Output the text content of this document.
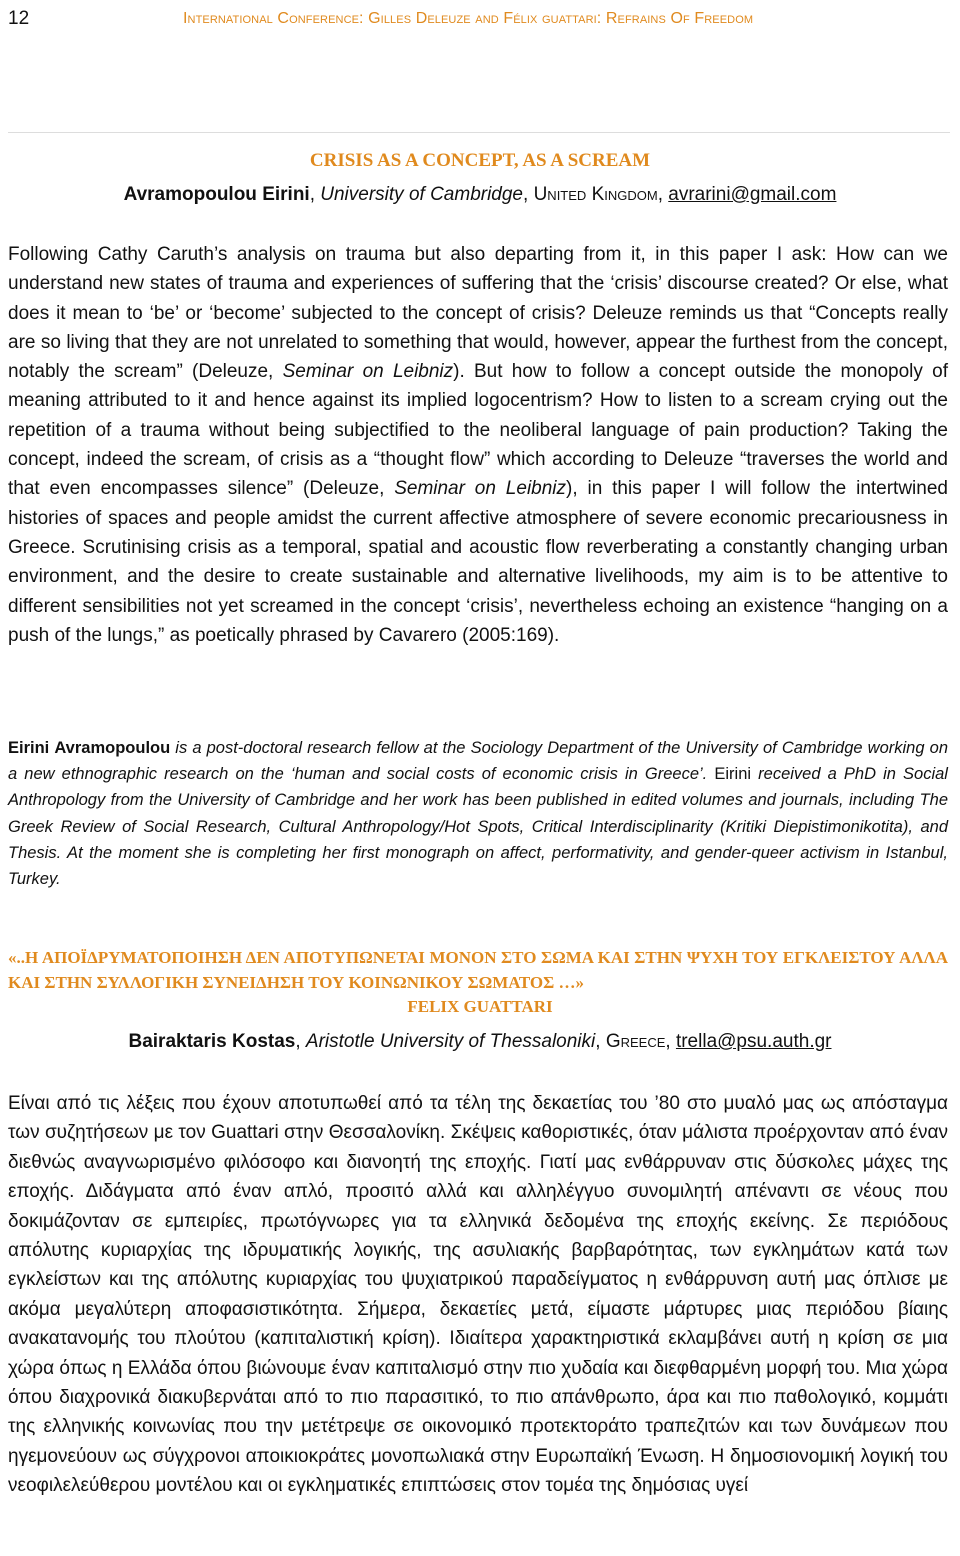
12	International Conference: Gilles Deleuze and Félix guattari: Refrains Of Freedom
CRISIS AS A CONCEPT, AS A SCREAM
Avramopoulou Eirini, University of Cambridge, United Kingdom, avrarini@gmail.com
Following Cathy Caruth’s analysis on trauma but also departing from it, in this paper I ask: How can we understand new states of trauma and experiences of suffering that the ‘crisis’ discourse created? Or else, what does it mean to ‘be’ or ‘become’ subjected to the concept of crisis? Deleuze reminds us that “Concepts really are so living that they are not unrelated to something that would, however, appear the furthest from the concept, notably the scream” (Deleuze, Seminar on Leibniz). But how to follow a concept outside the monopoly of meaning attributed to it and hence against its implied logocentrism? How to listen to a scream crying out the repetition of a trauma without being subjectified to the neoliberal language of pain production? Taking the concept, indeed the scream, of crisis as a “thought flow” which according to Deleuze “traverses the world and that even encompasses silence” (Deleuze, Seminar on Leibniz), in this paper I will follow the intertwined histories of spaces and people amidst the current affective atmosphere of severe economic precariousness in Greece. Scrutinising crisis as a temporal, spatial and acoustic flow reverberating a constantly changing urban environment, and the desire to create sustainable and alternative livelihoods, my aim is to be attentive to different sensibilities not yet screamed in the concept ‘crisis’, nevertheless echoing an existence “hanging on a push of the lungs,” as poetically phrased by Cavarero (2005:169).
Eirini Avramopoulou is a post-doctoral research fellow at the Sociology Department of the University of Cambridge working on a new ethnographic research on the ‘human and social costs of economic crisis in Greece’. Eirini received a PhD in Social Anthropology from the University of Cambridge and her work has been published in edited volumes and journals, including The Greek Review of Social Research, Cultural Anthropology/Hot Spots, Critical Interdisciplinarity (Kritiki Diepistimonikotita), and Thesis. At the moment she is completing her first monograph on affect, performativity, and gender-queer activism in Istanbul, Turkey.
«..Η ΑΠΟΪΔΡΥΜΑΤΟΠΟΙΗΣΗ ΔΕΝ ΑΠΟΤΥΠΩΝΕΤΑΙ ΜΟΝΟΝ ΣΤΟ ΣΩΜΑ ΚΑΙ ΣΤΗΝ ΨΥΧΗ ΤΟΥ ΕΓΚΛΕΙΣΤΟΥ ΑΛΛΑ ΚΑΙ ΣΤΗΝ ΣΥΛΛΟΓΙΚΗ ΣΥΝΕΙΔΗΣΗ ΤΟΥ ΚΟΙΝΩΝΙΚΟΥ ΣΩΜΑΤΟΣ …»
FELIX GUATTARI
Bairaktaris Kostas, Aristotle University of Thessaloniki, Greece, trella@psu.auth.gr
Είναι από τις λέξεις που έχουν αποτυπωθεί από τα τέλη της δεκαετίας του ’80 στο μυαλό μας ως απόσταγμα των συζητήσεων με τον Guattari στην Θεσσαλονίκη. Σκέψεις καθοριστικές, όταν μάλιστα προέρχονταν από έναν διεθνώς αναγνωρισμένο φιλόσοφο και διανοητή της εποχής. Γιατί μας ενθάρρυναν στις δύσκολες μάχες της εποχής. Διδάγματα από έναν απλό, προσιτό αλλά και αλληλέγγυο συνομιλητή απέναντι σε νέους που δοκιμάζονταν σε εμπειρίες, πρωτόγνωρες για τα ελληνικά δεδομένα της εποχής εκείνης. Σε περιόδους απόλυτης κυριαρχίας της ιδρυματικής λογικής, της ασυλιακής βαρβαρότητας, των εγκλημάτων κατά των εγκλείστων και της απόλυτης κυριαρχίας του ψυχιατρικού παραδείγματος η ενθάρρυνση αυτή μας όπλισε με ακόμα μεγαλύτερη αποφασιστικότητα. Σήμερα, δεκαετίες μετά, είμαστε μάρτυρες μιας περιόδου βίαιης ανακατανομής του πλούτου (καπιταλιστική κρίση). Ιδιαίτερα χαρακτηριστικά εκλαμβάνει αυτή η κρίση σε μια χώρα όπως η Ελλάδα όπου βιώνουμε έναν καπιταλισμό στην πιο χυδαία και διεφθαρμένη μορφή του. Μια χώρα όπου διαχρονικά διακυβερνάται από το πιο παρασιτικό, το πιο απάνθρωπο, άρα και πιο παθολογικό, κομμάτι της ελληνικής κοινωνίας που την μετέτρεψε σε οικονομικό προτεκτοράτο τραπεζιτών και των δυνάμεων που ηγεμονεύουν ως σύγχρονοι αποικιοκράτες μονοπωλιακά στην Ευρωπαϊκή Ένωση. Η δημοσιονομική λογική του νεοφιλελεύθερου μοντέλου και οι εγκληματικές επιπτώσεις στον τομέα της δημόσιας υγεί
